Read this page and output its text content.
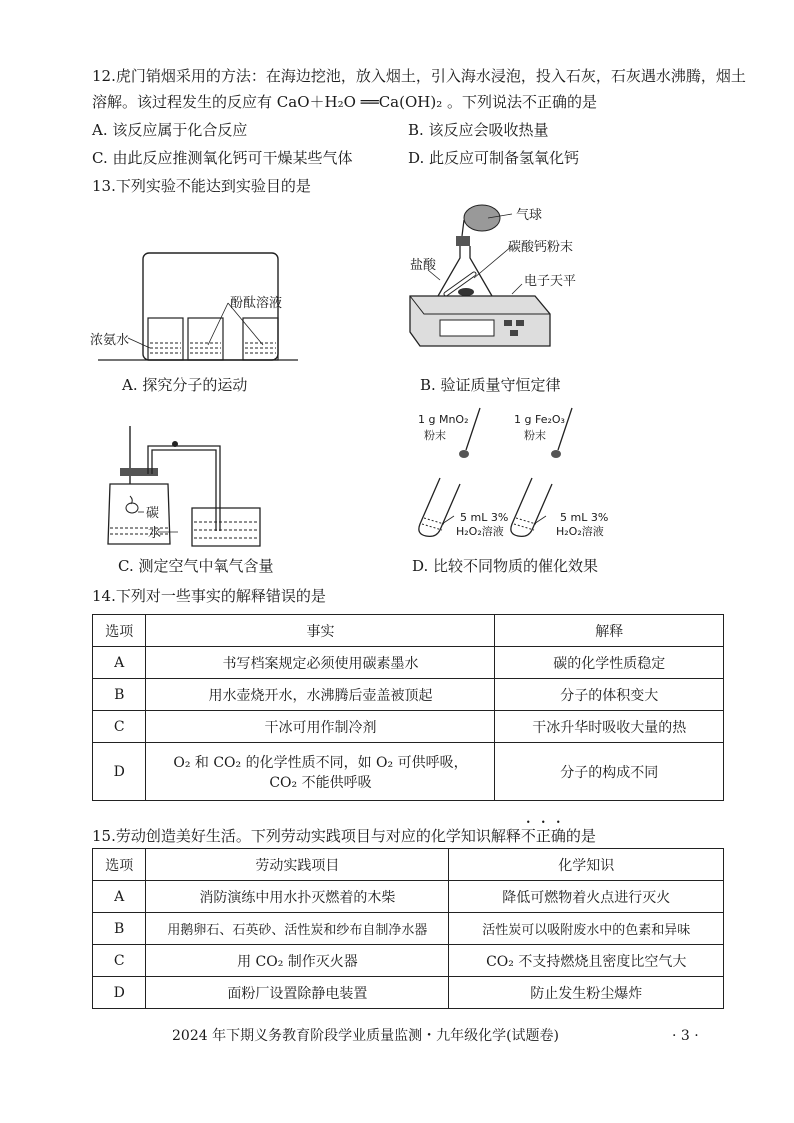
12.虎门销烟采用的方法：在海边挖池，放入烟土，引入海水浸泡，投入石灰，石灰遇水沸腾，烟土
溶解。该过程发生的反应有 CaO＋H₂O ══Ca(OH)₂ 。下列说法不正确的是
A. 该反应属于化合反应	B. 该反应会吸收热量
C. 由此反应推测氧化钙可干燥某些气体	D. 此反应可制备氢氧化钙
13.下列实验不能达到实验目的是
浓氨水
酚酞溶液
A. 探究分子的运动
气球
碳酸钙粉末
盐酸
电子天平
B. 验证质量守恒定律
碳
水
C. 测定空气中氧气含量
1 g MnO₂
粉末
5 mL 3%
H₂O₂溶液
1 g Fe₂O₃
粉末
5 mL 3%
H₂O₂溶液
D. 比较不同物质的催化效果
14.下列对一些事实的解释错误的是
选项	事实	解释
A	书写档案规定必须使用碳素墨水	碳的化学性质稳定
B	用水壶烧开水，水沸腾后壶盖被顶起	分子的体积变大
C	干冰可用作制冷剂	干冰升华时吸收大量的热
D	O₂ 和 CO₂ 的化学性质不同，如 O₂ 可供呼吸，
CO₂ 不能供呼吸	分子的构成不同
15.劳动创造美好生活。下列劳动实践项目与对应的化学知识解释不正确的是
选项	劳动实践项目	化学知识
A	消防演练中用水扑灭燃着的木柴	降低可燃物着火点进行灭火
B	用鹅卵石、石英砂、活性炭和纱布自制净水器	活性炭可以吸附废水中的色素和异味
C	用 CO₂ 制作灭火器	CO₂ 不支持燃烧且密度比空气大
D	面粉厂设置除静电装置	防止发生粉尘爆炸
2024 年下期义务教育阶段学业质量监测・九年级化学(试题卷)	· 3 ·
